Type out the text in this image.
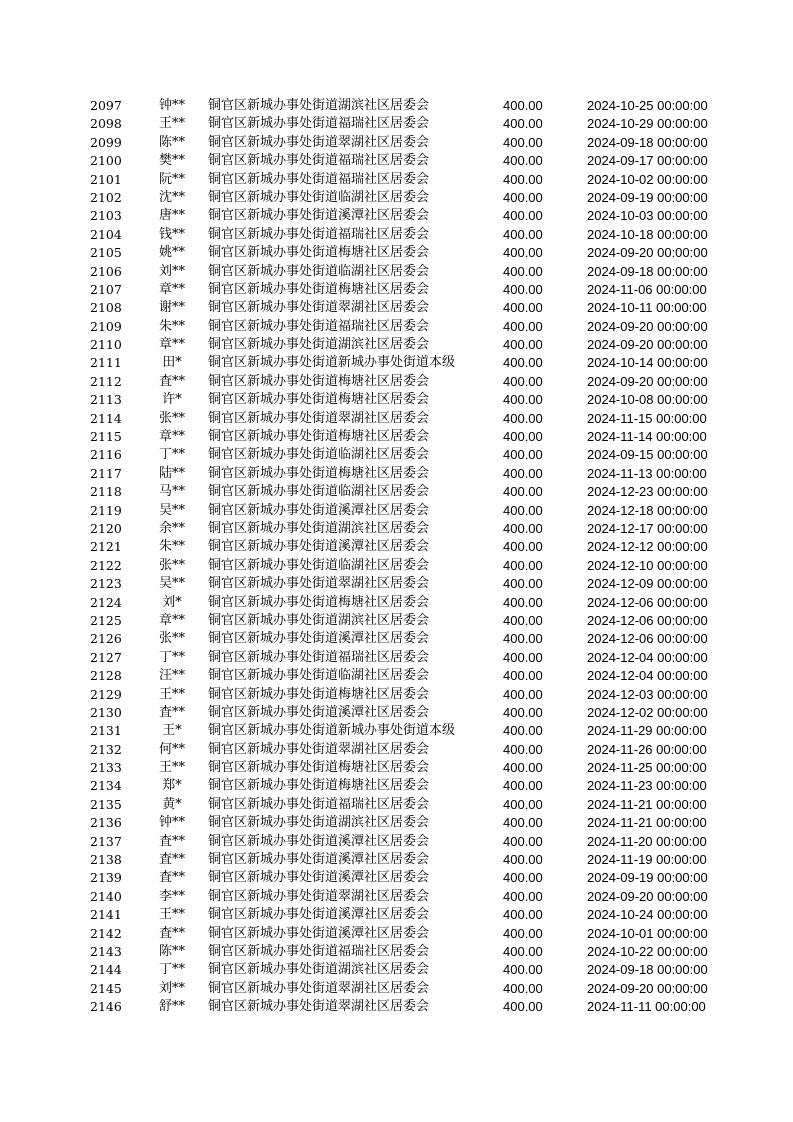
2097	钟**	铜官区新城办事处街道湖滨社区居委会	400.00	2024-10-25 00:00:00
2098	王**	铜官区新城办事处街道福瑞社区居委会	400.00	2024-10-29 00:00:00
2099	陈**	铜官区新城办事处街道翠湖社区居委会	400.00	2024-09-18 00:00:00
2100	樊**	铜官区新城办事处街道福瑞社区居委会	400.00	2024-09-17 00:00:00
2101	阮**	铜官区新城办事处街道福瑞社区居委会	400.00	2024-10-02 00:00:00
2102	沈**	铜官区新城办事处街道临湖社区居委会	400.00	2024-09-19 00:00:00
2103	唐**	铜官区新城办事处街道溪潭社区居委会	400.00	2024-10-03 00:00:00
2104	钱**	铜官区新城办事处街道福瑞社区居委会	400.00	2024-10-18 00:00:00
2105	姚**	铜官区新城办事处街道梅塘社区居委会	400.00	2024-09-20 00:00:00
2106	刘**	铜官区新城办事处街道临湖社区居委会	400.00	2024-09-18 00:00:00
2107	章**	铜官区新城办事处街道梅塘社区居委会	400.00	2024-11-06 00:00:00
2108	谢**	铜官区新城办事处街道翠湖社区居委会	400.00	2024-10-11 00:00:00
2109	朱**	铜官区新城办事处街道福瑞社区居委会	400.00	2024-09-20 00:00:00
2110	章**	铜官区新城办事处街道湖滨社区居委会	400.00	2024-09-20 00:00:00
2111	田*	铜官区新城办事处街道新城办事处街道本级	400.00	2024-10-14 00:00:00
2112	査**	铜官区新城办事处街道梅塘社区居委会	400.00	2024-09-20 00:00:00
2113	许*	铜官区新城办事处街道梅塘社区居委会	400.00	2024-10-08 00:00:00
2114	张**	铜官区新城办事处街道翠湖社区居委会	400.00	2024-11-15 00:00:00
2115	章**	铜官区新城办事处街道梅塘社区居委会	400.00	2024-11-14 00:00:00
2116	丁**	铜官区新城办事处街道临湖社区居委会	400.00	2024-09-15 00:00:00
2117	陆**	铜官区新城办事处街道梅塘社区居委会	400.00	2024-11-13 00:00:00
2118	马**	铜官区新城办事处街道临湖社区居委会	400.00	2024-12-23 00:00:00
2119	吴**	铜官区新城办事处街道溪潭社区居委会	400.00	2024-12-18 00:00:00
2120	余**	铜官区新城办事处街道湖滨社区居委会	400.00	2024-12-17 00:00:00
2121	朱**	铜官区新城办事处街道溪潭社区居委会	400.00	2024-12-12 00:00:00
2122	张**	铜官区新城办事处街道临湖社区居委会	400.00	2024-12-10 00:00:00
2123	吴**	铜官区新城办事处街道翠湖社区居委会	400.00	2024-12-09 00:00:00
2124	刘*	铜官区新城办事处街道梅塘社区居委会	400.00	2024-12-06 00:00:00
2125	章**	铜官区新城办事处街道湖滨社区居委会	400.00	2024-12-06 00:00:00
2126	张**	铜官区新城办事处街道溪潭社区居委会	400.00	2024-12-06 00:00:00
2127	丁**	铜官区新城办事处街道福瑞社区居委会	400.00	2024-12-04 00:00:00
2128	汪**	铜官区新城办事处街道临湖社区居委会	400.00	2024-12-04 00:00:00
2129	王**	铜官区新城办事处街道梅塘社区居委会	400.00	2024-12-03 00:00:00
2130	査**	铜官区新城办事处街道溪潭社区居委会	400.00	2024-12-02 00:00:00
2131	王*	铜官区新城办事处街道新城办事处街道本级	400.00	2024-11-29 00:00:00
2132	何**	铜官区新城办事处街道翠湖社区居委会	400.00	2024-11-26 00:00:00
2133	王**	铜官区新城办事处街道梅塘社区居委会	400.00	2024-11-25 00:00:00
2134	郑*	铜官区新城办事处街道梅塘社区居委会	400.00	2024-11-23 00:00:00
2135	黄*	铜官区新城办事处街道福瑞社区居委会	400.00	2024-11-21 00:00:00
2136	钟**	铜官区新城办事处街道湖滨社区居委会	400.00	2024-11-21 00:00:00
2137	査**	铜官区新城办事处街道溪潭社区居委会	400.00	2024-11-20 00:00:00
2138	査**	铜官区新城办事处街道溪潭社区居委会	400.00	2024-11-19 00:00:00
2139	査**	铜官区新城办事处街道溪潭社区居委会	400.00	2024-09-19 00:00:00
2140	李**	铜官区新城办事处街道翠湖社区居委会	400.00	2024-09-20 00:00:00
2141	王**	铜官区新城办事处街道溪潭社区居委会	400.00	2024-10-24 00:00:00
2142	査**	铜官区新城办事处街道溪潭社区居委会	400.00	2024-10-01 00:00:00
2143	陈**	铜官区新城办事处街道福瑞社区居委会	400.00	2024-10-22 00:00:00
2144	丁**	铜官区新城办事处街道湖滨社区居委会	400.00	2024-09-18 00:00:00
2145	刘**	铜官区新城办事处街道翠湖社区居委会	400.00	2024-09-20 00:00:00
2146	舒**	铜官区新城办事处街道翠湖社区居委会	400.00	2024-11-11 00:00:00
